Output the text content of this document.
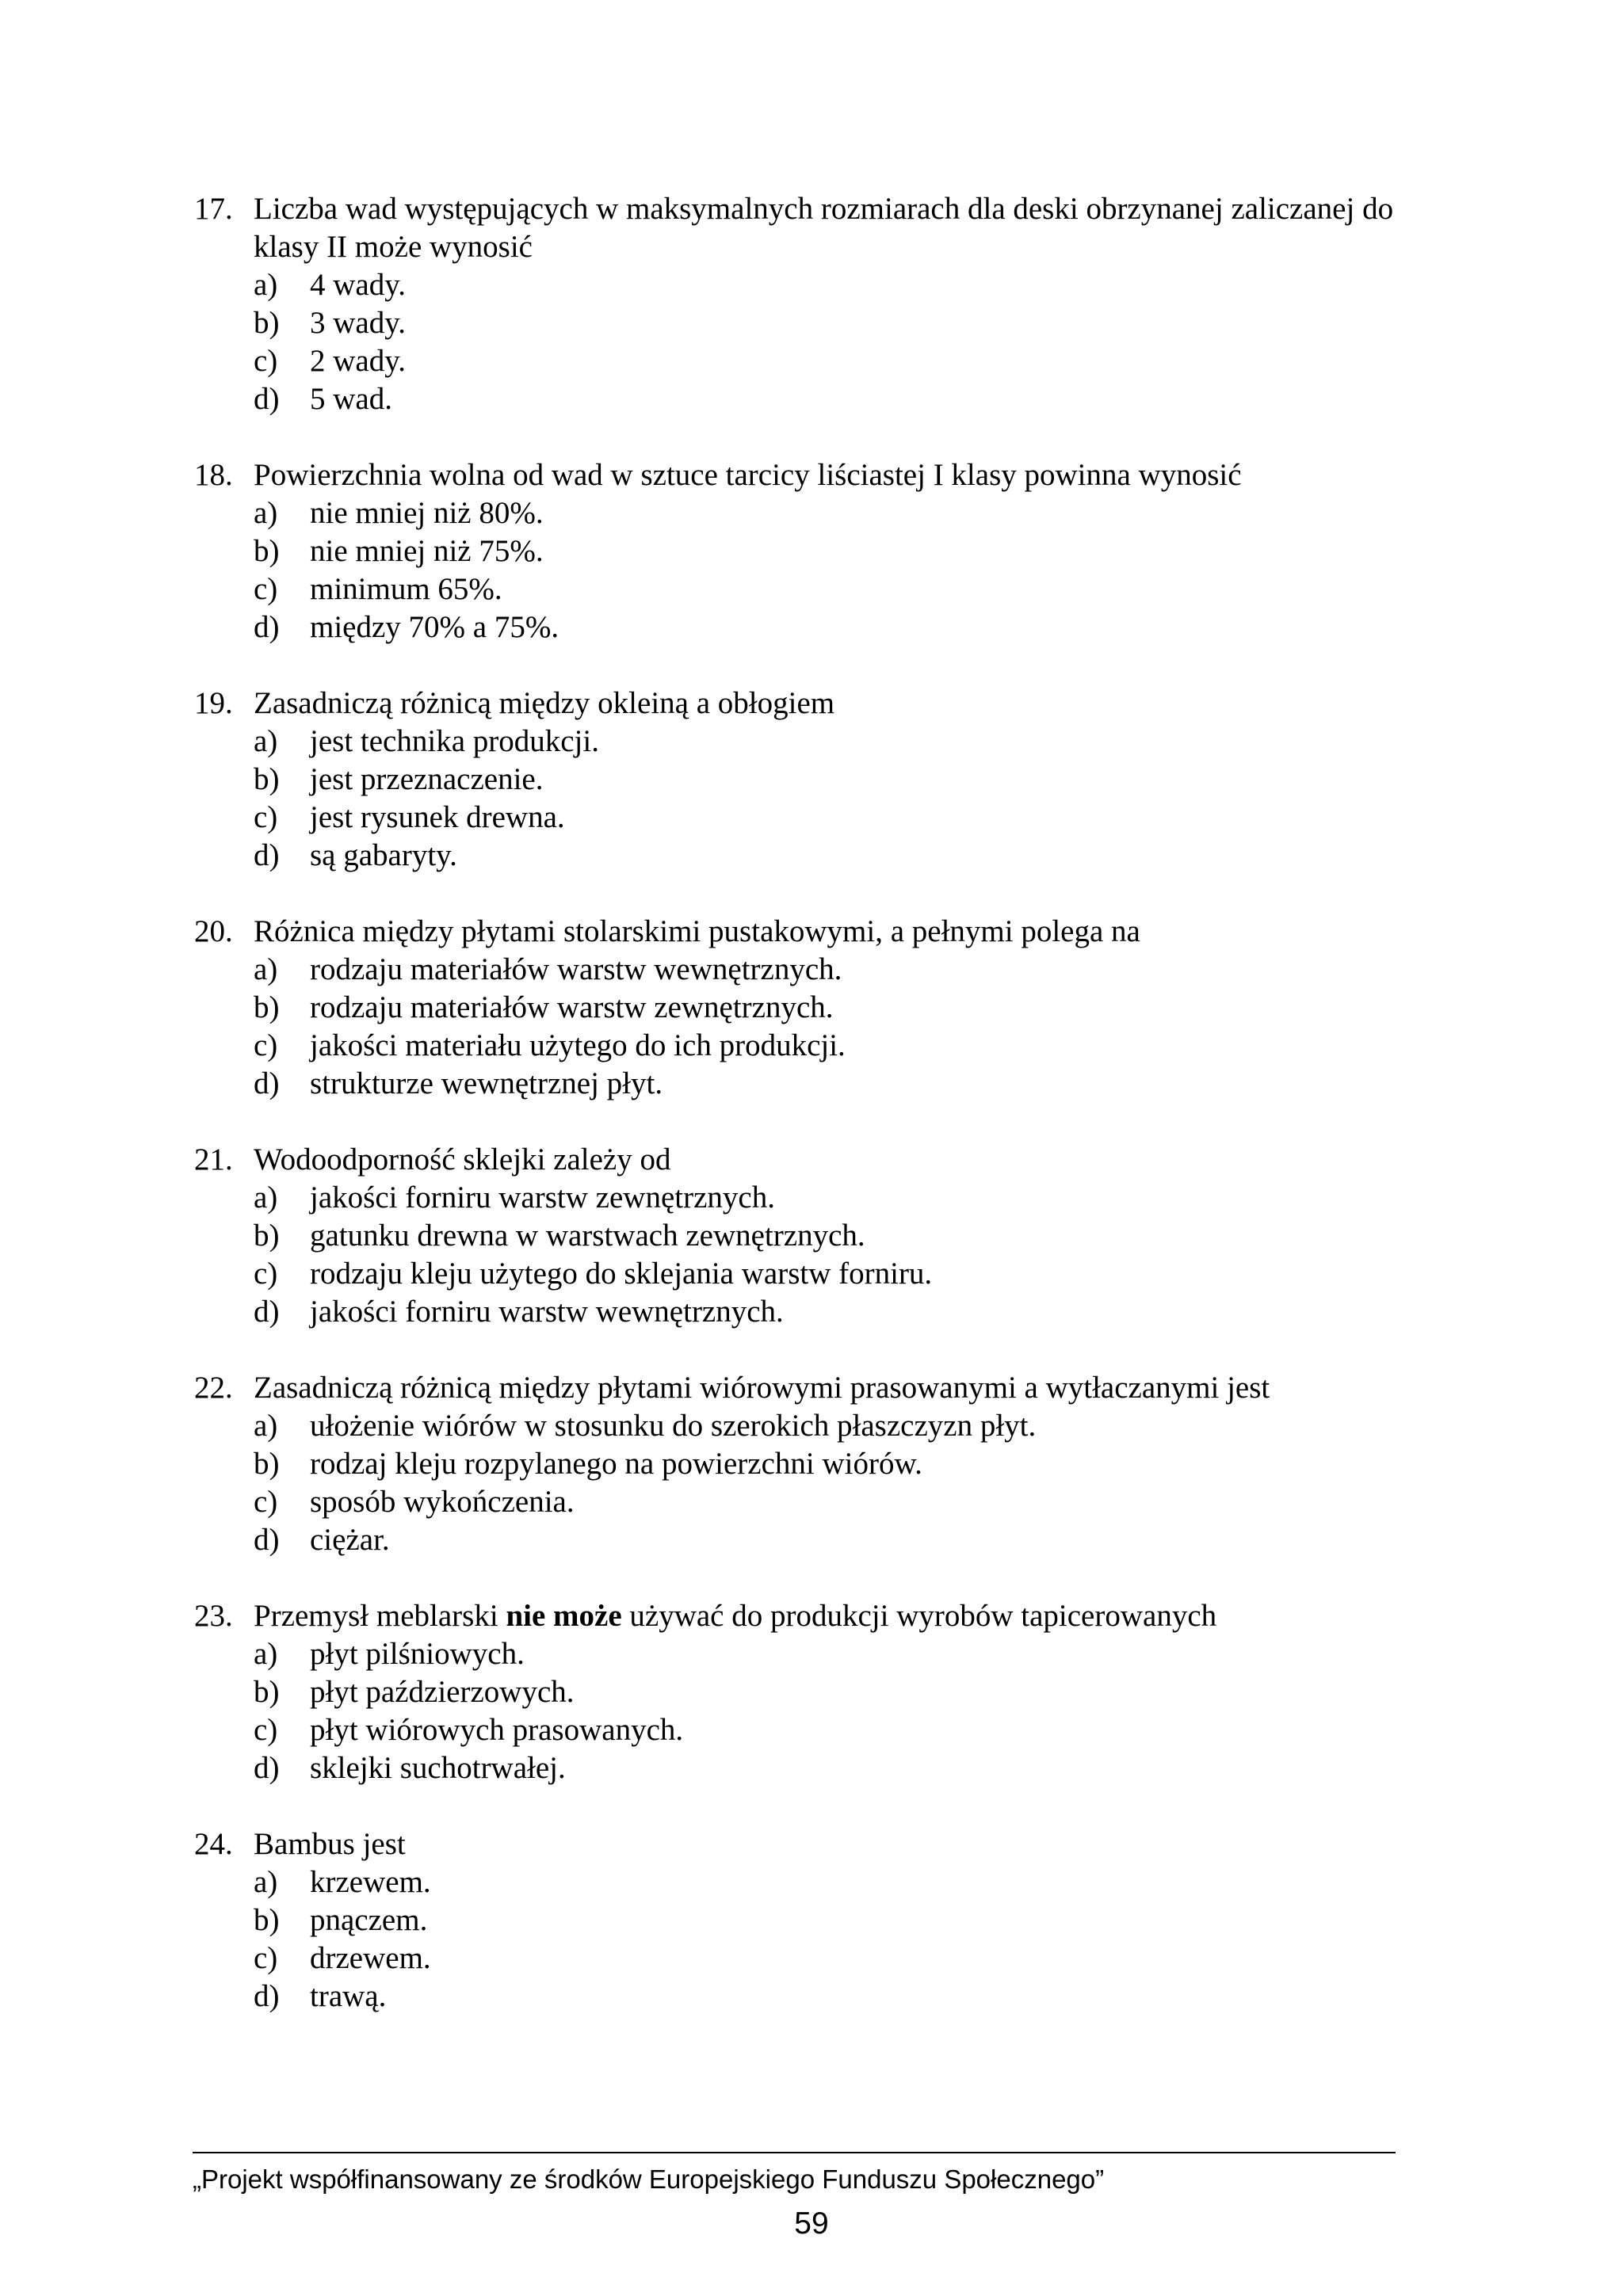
17. Liczba wad występujących w maksymalnych rozmiarach dla deski obrzynanej zaliczanej do klasy II może wynosić
a)	4 wady.
b) 3 wady.
c)	2 wady.
d) 5 wad.
18. Powierzchnia wolna od wad w sztuce tarcicy liściastej I klasy powinna wynosić
a)	nie mniej niż 80%.
b) nie mniej niż 75%.
c)	minimum 65%.
d) między 70% a 75%.
19. Zasadniczą różnicą między okleiną a obłogiem
a)	jest technika produkcji.
b) jest przeznaczenie.
c)	jest rysunek drewna.
d) są gabaryty.
20. Różnica między płytami stolarskimi pustakowymi, a pełnymi polega na
a)	rodzaju materiałów warstw wewnętrznych.
b) rodzaju materiałów warstw zewnętrznych.
c)	jakości materiału użytego do ich produkcji.
d) strukturze wewnętrznej płyt.
21. Wodoodporność sklejki zależy od
a)	jakości forniru warstw zewnętrznych.
b) gatunku drewna w warstwach zewnętrznych.
c)	rodzaju kleju użytego do sklejania warstw forniru.
d) jakości forniru warstw wewnętrznych.
22. Zasadniczą różnicą między płytami wiórowymi prasowanymi a wytłaczanymi jest
a)	ułożenie wiórów w stosunku do szerokich płaszczyzn płyt.
b) rodzaj kleju rozpylanego na powierzchni wiórów.
c)	sposób wykończenia.
d) ciężar.
23. Przemysł meblarski nie może używać do produkcji wyrobów tapicerowanych
a)	płyt pilśniowych.
b) płyt paździerzowych.
c)	płyt wiórowych prasowanych.
d) sklejki suchotrwałej.
24. Bambus jest
a)	krzewem.
b) pnączem.
c)	drzewem.
d) trawą.
„Projekt współfinansowany ze środków Europejskiego Funduszu Społecznego”
59
